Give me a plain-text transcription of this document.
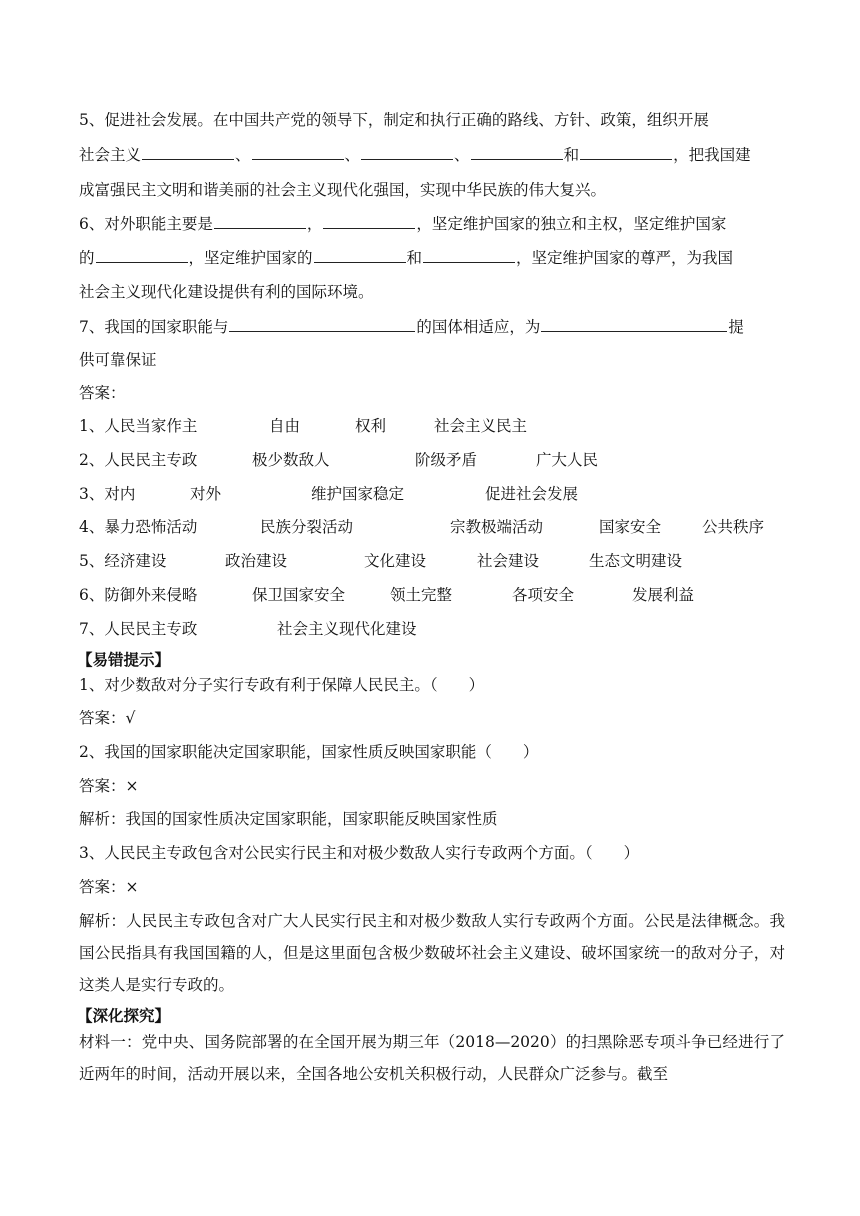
5、促进社会发展。在中国共产党的领导下，制定和执行正确的路线、方针、政策，组织开展
社会主义	、	、	、	和	，把我国建
成富强民主文明和谐美丽的社会主义现代化强国，实现中华民族的伟大复兴。
6、对外职能主要是	，	，坚定维护国家的独立和主权，坚定维护国家
的	，坚定维护国家的	和	，坚定维护国家的尊严，为我国
社会主义现代化建设提供有利的国际环境。
7、我国的国家职能与	的国体相适应，为	提
供可靠保证
答案：
1、人民当家作主	自由	权利	社会主义民主
2、人民民主专政	极少数敌人	阶级矛盾	广大人民
3、对内	对外	维护国家稳定	促进社会发展
4、暴力恐怖活动	民族分裂活动	宗教极端活动	国家安全	公共秩序
5、经济建设	政治建设	文化建设	社会建设	生态文明建设
6、防御外来侵略	保卫国家安全	领土完整	各项安全	发展利益
7、人民民主专政	社会主义现代化建设
【易错提示】
1、对少数敌对分子实行专政有利于保障人民民主。（　　）
答案：√
2、我国的国家职能决定国家职能，国家性质反映国家职能（　　）
答案：×
解析：我国的国家性质决定国家职能，国家职能反映国家性质
3、人民民主专政包含对公民实行民主和对极少数敌人实行专政两个方面。（　　）
答案：×
解析：人民民主专政包含对广大人民实行民主和对极少数敌人实行专政两个方面。公民是法律概念。我国公民指具有我国国籍的人，但是这里面包含极少数破坏社会主义建设、破坏国家统一的敌对分子，对这类人是实行专政的。
【深化探究】
材料一：党中央、国务院部署的在全国开展为期三年（2018—2020）的扫黑除恶专项斗争已经进行了近两年的时间，活动开展以来，全国各地公安机关积极行动，人民群众广泛参与。截至
